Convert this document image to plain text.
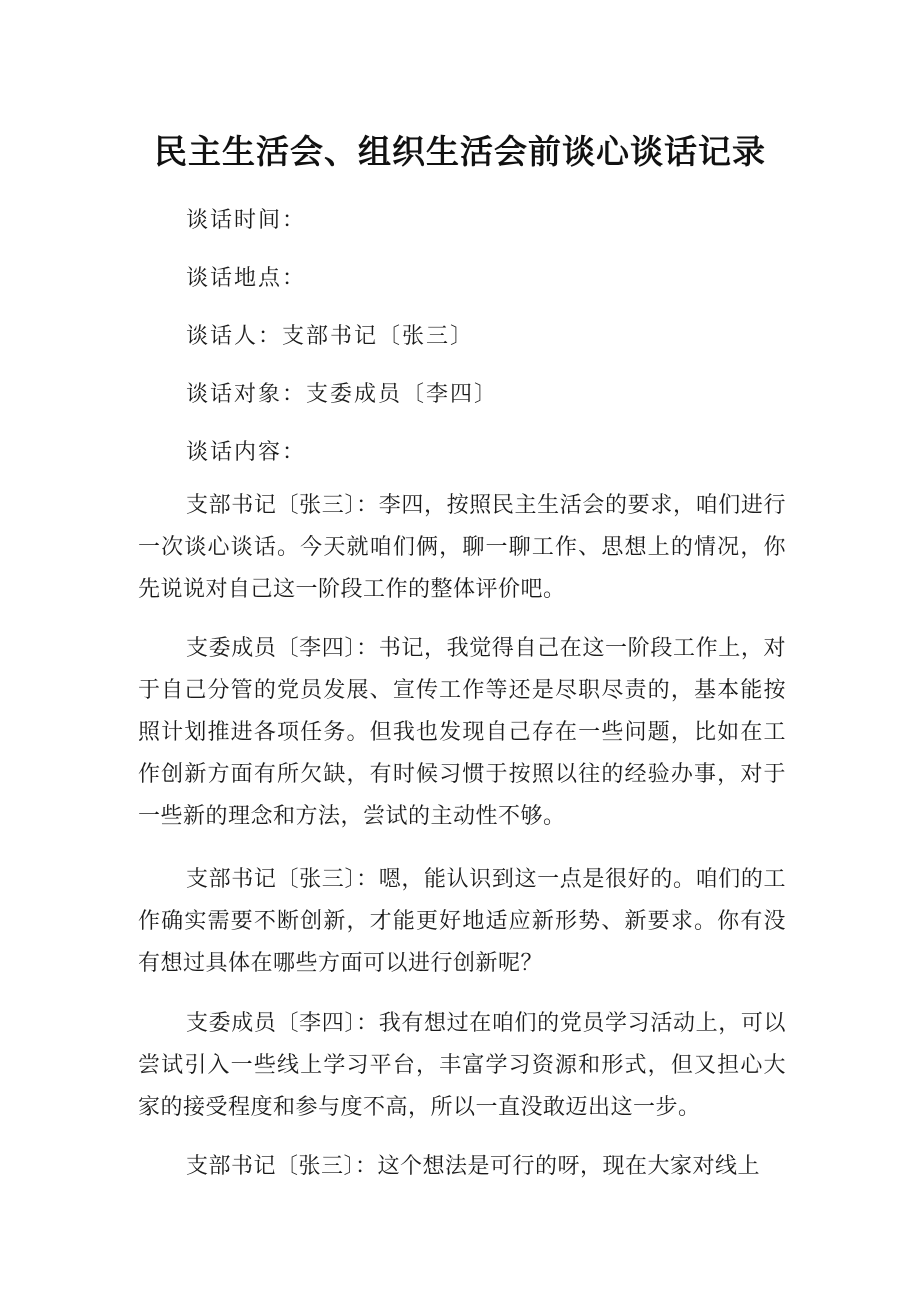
民主生活会、组织生活会前谈心谈话记录
谈话时间：
谈话地点：
谈话人：支部书记〔张三〕
谈话对象：支委成员〔李四〕
谈话内容：

支部书记〔张三〕：李四，按照民主生活会的要求，咱们进行一次谈心谈话。今天就咱们俩，聊一聊工作、思想上的情况，你先说说对自己这一阶段工作的整体评价吧。

支委成员〔李四〕：书记，我觉得自己在这一阶段工作上，对于自己分管的党员发展、宣传工作等还是尽职尽责的，基本能按照计划推进各项任务。但我也发现自己存在一些问题，比如在工作创新方面有所欠缺，有时候习惯于按照以往的经验办事，对于一些新的理念和方法，尝试的主动性不够。

支部书记〔张三〕：嗯，能认识到这一点是很好的。咱们的工作确实需要不断创新，才能更好地适应新形势、新要求。你有没有想过具体在哪些方面可以进行创新呢？

支委成员〔李四〕：我有想过在咱们的党员学习活动上，可以尝试引入一些线上学习平台，丰富学习资源和形式，但又担心大家的接受程度和参与度不高，所以一直没敢迈出这一步。

支部书记〔张三〕：这个想法是可行的呀，现在大家对线上
